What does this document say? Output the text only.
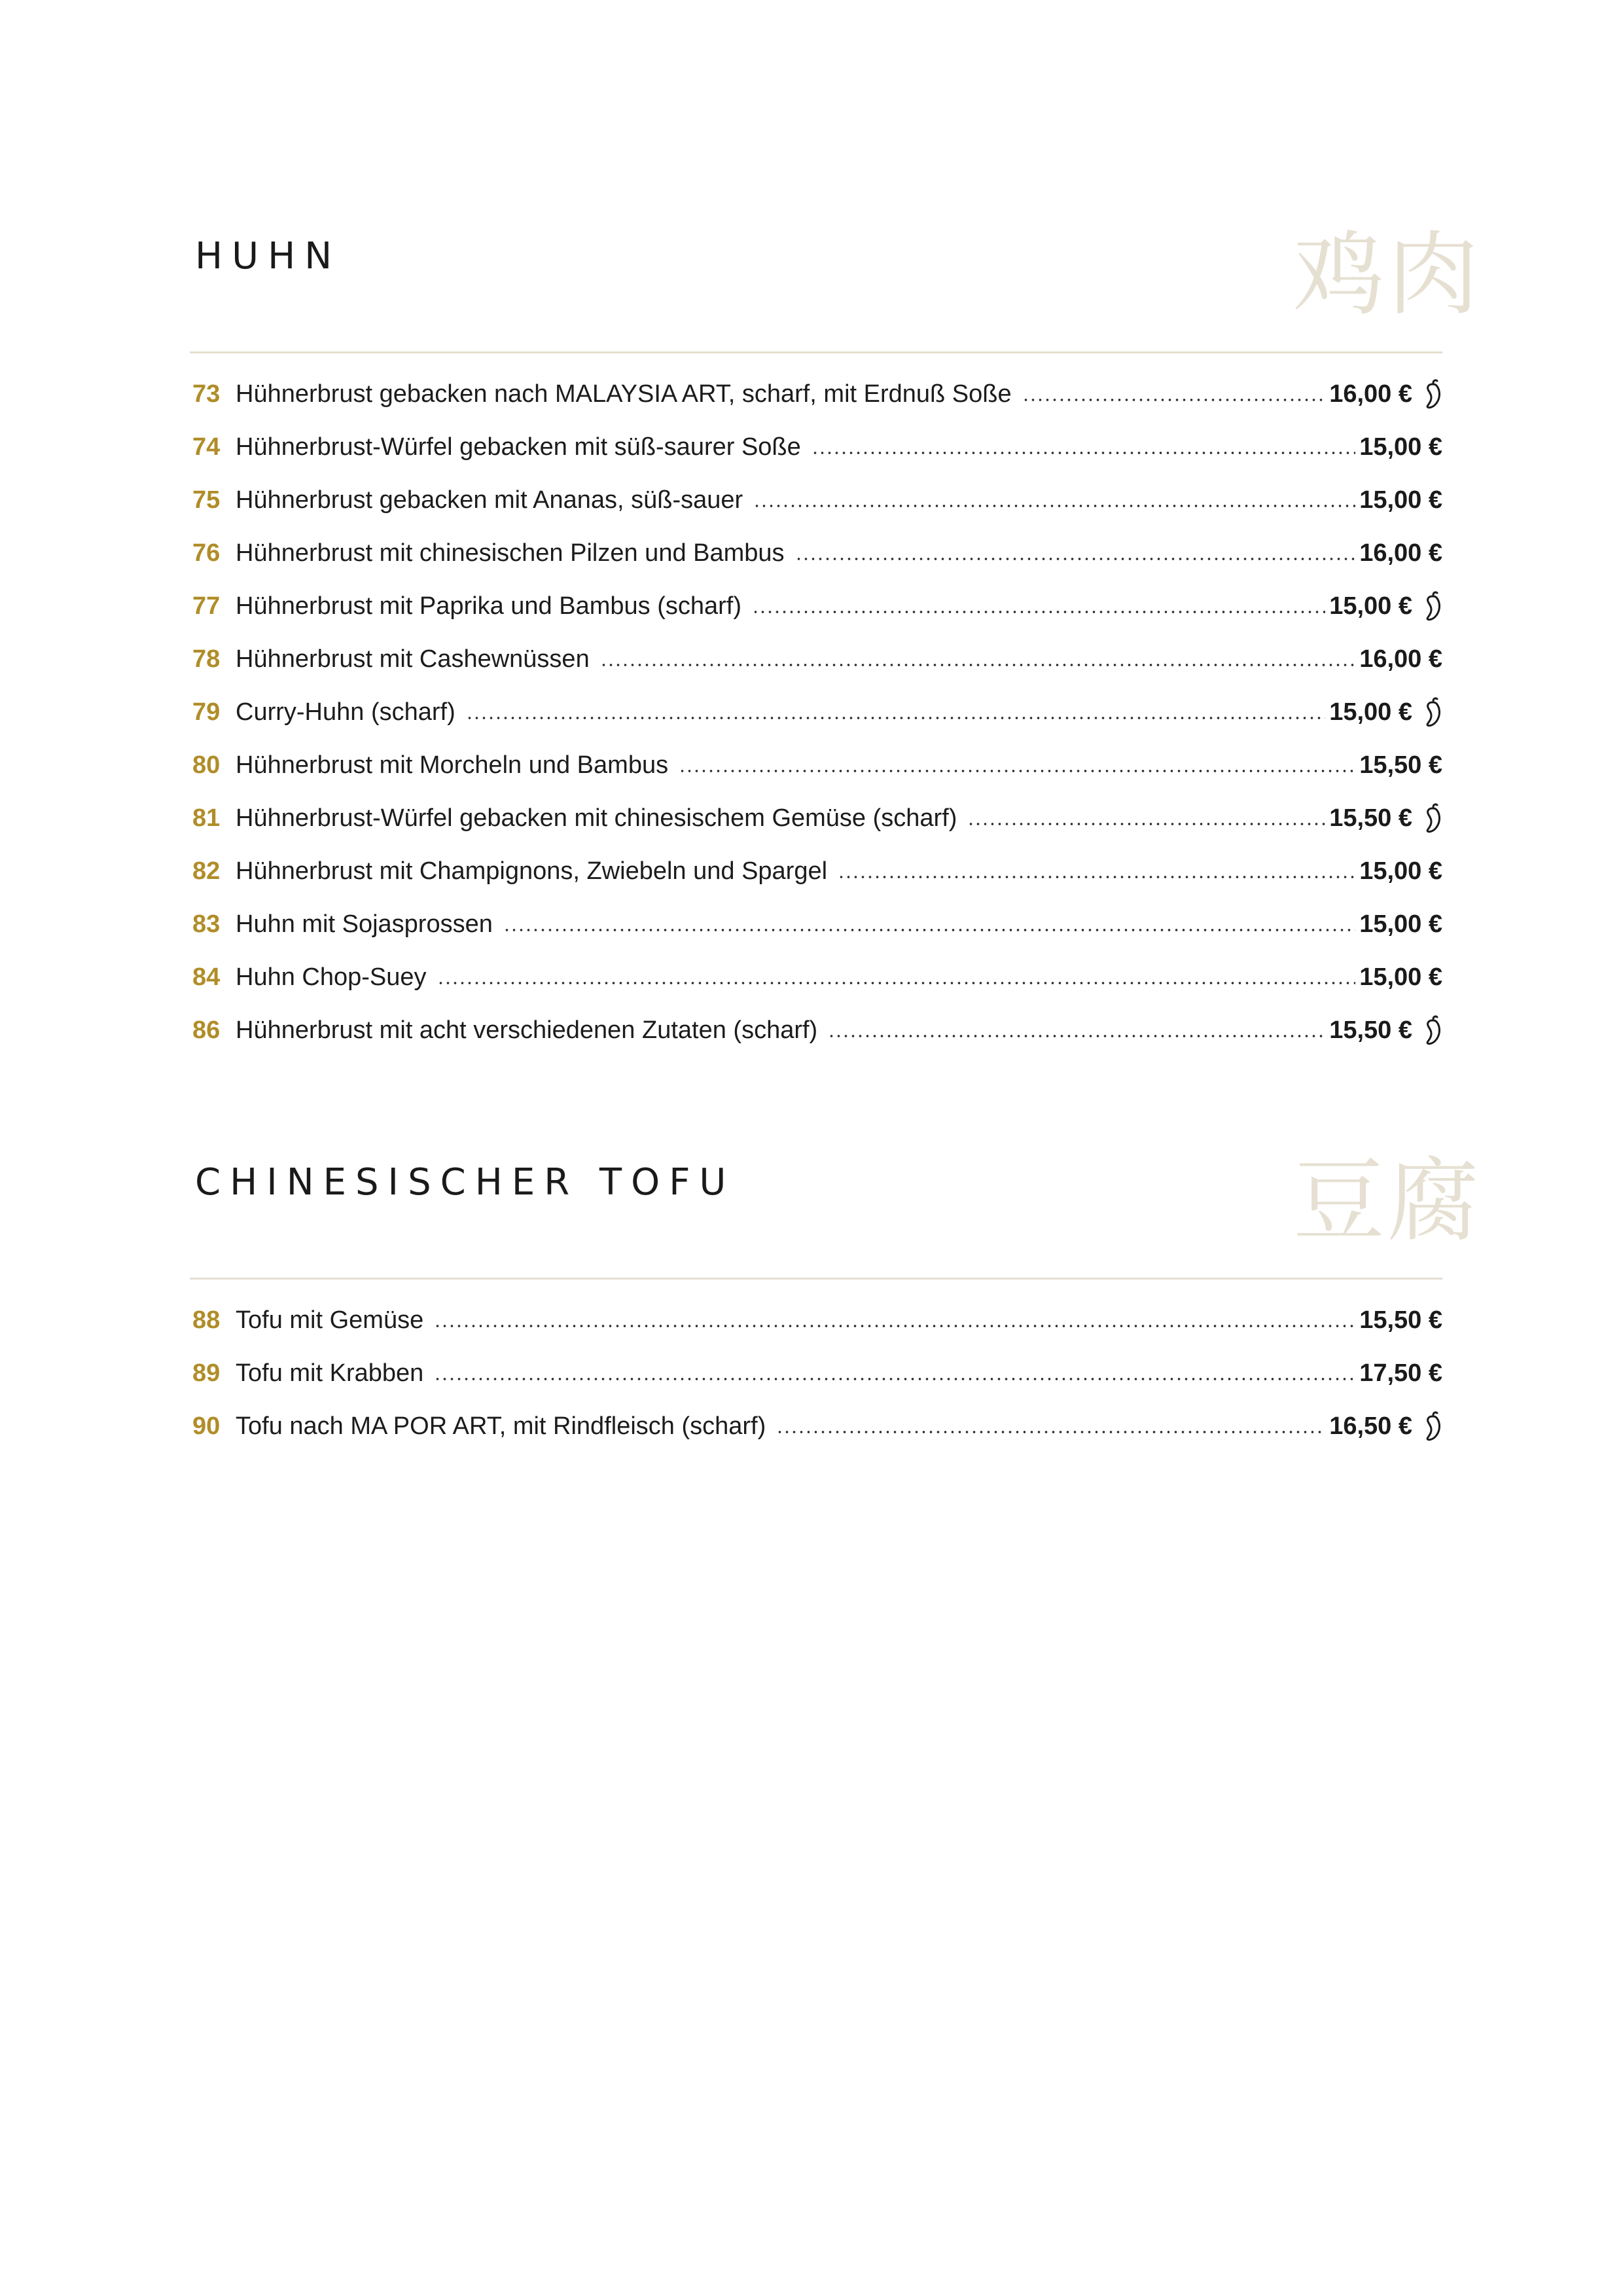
HUHN	鸡肉
73 Hühnerbrust gebacken nach MALAYSIA ART, scharf, mit Erdnuß Soße	16,00 €
74 Hühnerbrust-Würfel gebacken mit süß-saurer Soße	15,00 €
75 Hühnerbrust gebacken mit Ananas, süß-sauer	15,00 €
76 Hühnerbrust mit chinesischen Pilzen und Bambus	16,00 €
77 Hühnerbrust mit Paprika und Bambus (scharf)	15,00 €
78 Hühnerbrust mit Cashewnüssen	16,00 €
79 Curry-Huhn (scharf)	15,00 €
80 Hühnerbrust mit Morcheln und Bambus	15,50 €
81 Hühnerbrust-Würfel gebacken mit chinesischem Gemüse (scharf)	15,50 €
82 Hühnerbrust mit Champignons, Zwiebeln und Spargel	15,00 €
83 Huhn mit Sojasprossen	15,00 €
84 Huhn Chop-Suey	15,00 €
86 Hühnerbrust mit acht verschiedenen Zutaten (scharf)	15,50 €
CHINESISCHER TOFU	豆腐
88 Tofu mit Gemüse	15,50 €
89 Tofu mit Krabben	17,50 €
90 Tofu nach MA POR ART, mit Rindfleisch (scharf)	16,50 €
